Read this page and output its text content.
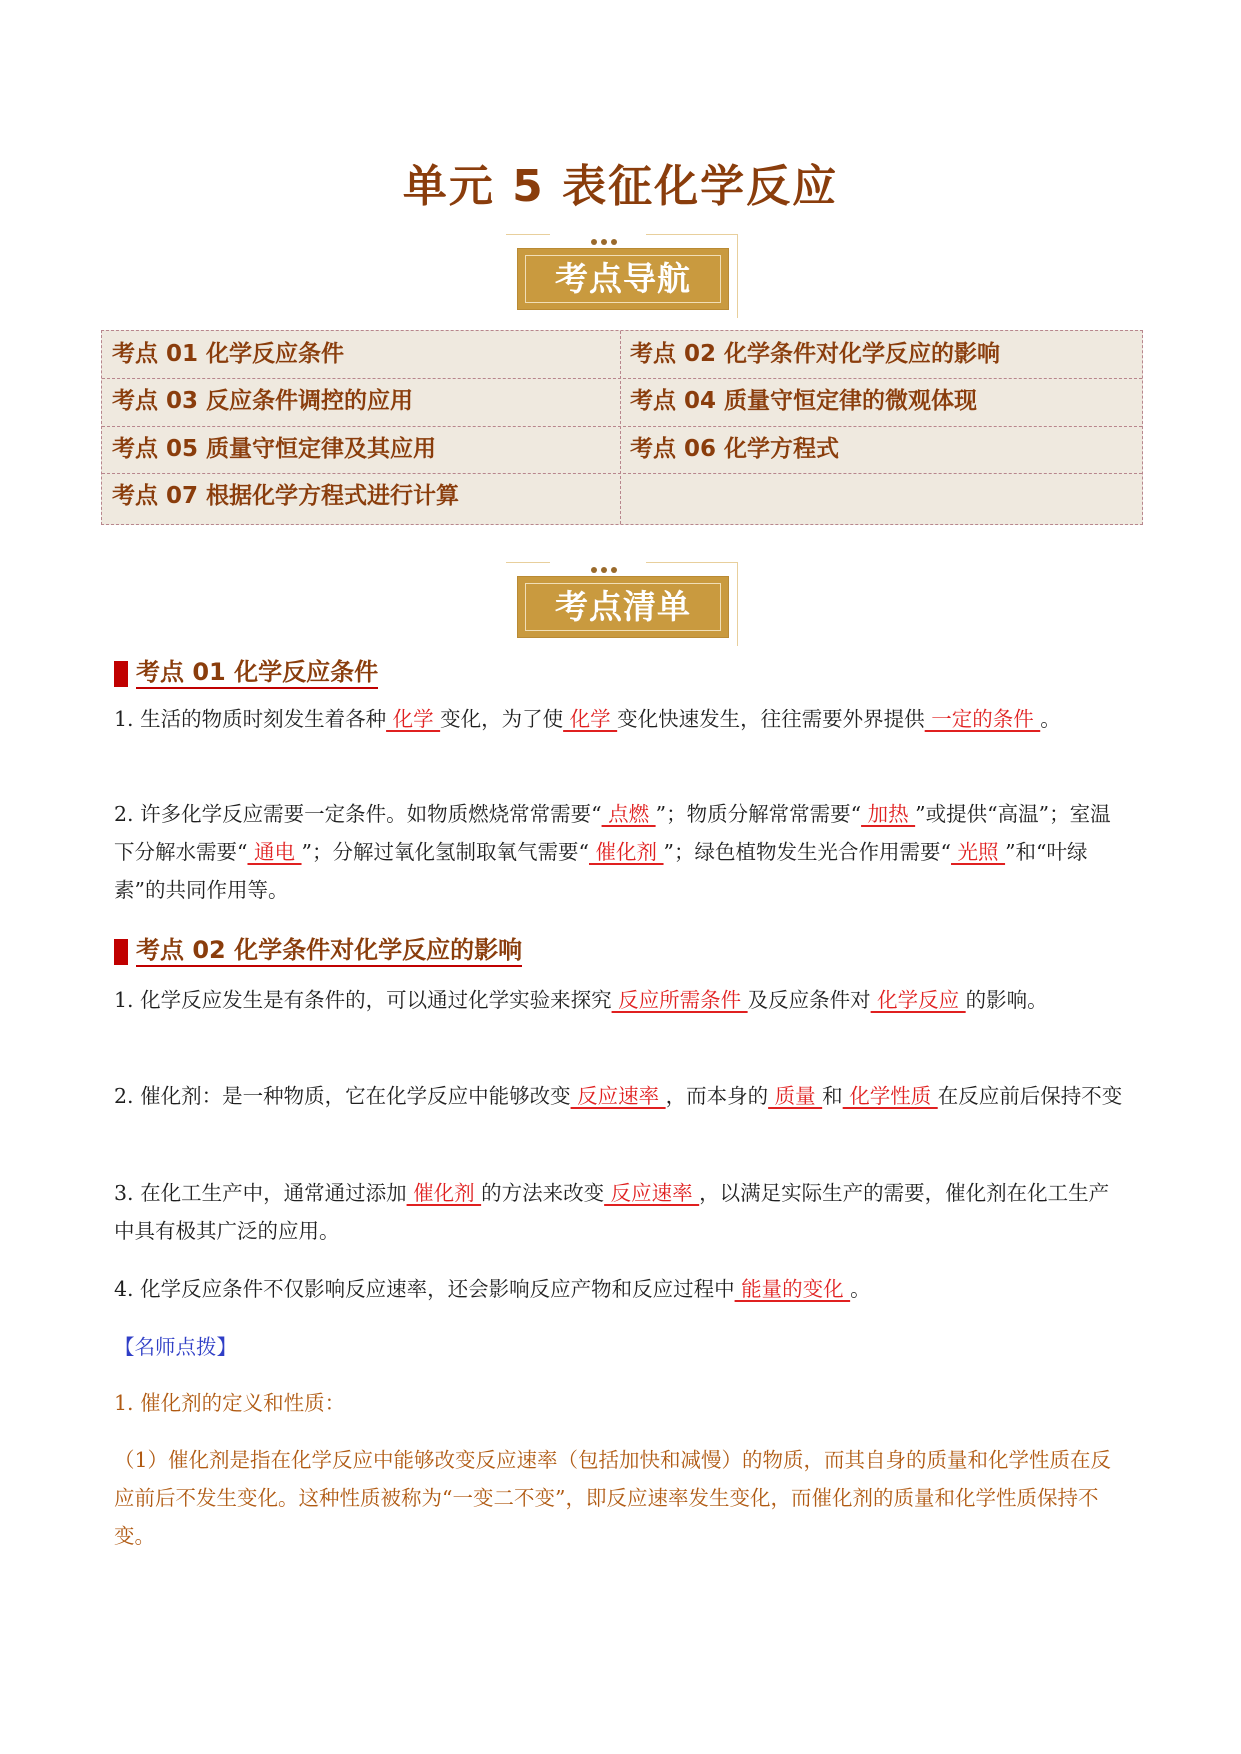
单元 5 表征化学反应
考点导航
考点 01 化学反应条件	考点 02 化学条件对化学反应的影响
考点 03 反应条件调控的应用	考点 04 质量守恒定律的微观体现
考点 05 质量守恒定律及其应用	考点 06 化学方程式
考点 07 根据化学方程式进行计算
考点清单
考点 01 化学反应条件
1. 生活的物质时刻发生着各种 化学 变化，为了使 化学 变化快速发生，往往需要外界提供 一定的条件 。
2. 许多化学反应需要一定条件。如物质燃烧常常需要“ 点燃 ”；物质分解常常需要“ 加热 ”或提供“高温”；室温下分解水需要“ 通电 ”；分解过氧化氢制取氧气需要“ 催化剂 ”；绿色植物发生光合作用需要“ 光照 ”和“叶绿素”的共同作用等。
考点 02 化学条件对化学反应的影响
1. 化学反应发生是有条件的，可以通过化学实验来探究 反应所需条件 及反应条件对 化学反应 的影响。
2. 催化剂：是一种物质，它在化学反应中能够改变 反应速率 ，而本身的 质量 和 化学性质 在反应前后保持不变
3. 在化工生产中，通常通过添加 催化剂 的方法来改变 反应速率 ，以满足实际生产的需要，催化剂在化工生产中具有极其广泛的应用。
4. 化学反应条件不仅影响反应速率，还会影响反应产物和反应过程中 能量的变化 。
【名师点拨】
1. 催化剂的定义和性质：
（1）催化剂是指在化学反应中能够改变反应速率（包括加快和减慢）的物质，而其自身的质量和化学性质在反应前后不发生变化。这种性质被称为“一变二不变”，即反应速率发生变化，而催化剂的质量和化学性质保持不变。
